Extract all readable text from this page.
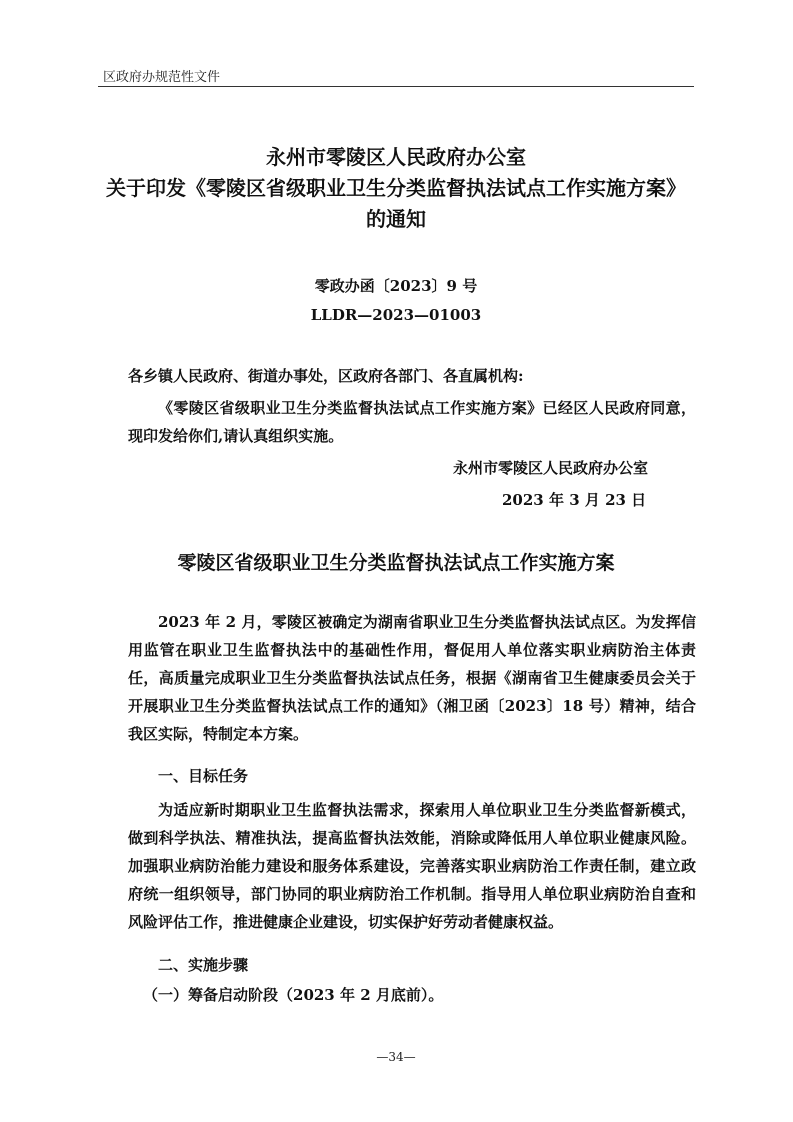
区政府办规范性文件
永州市零陵区人民政府办公室
关于印发《零陵区省级职业卫生分类监督执法试点工作实施方案》
的通知
零政办函〔2023〕9 号
LLDR—2023—01003
各乡镇人民政府、街道办事处，区政府各部门、各直属机构:
《零陵区省级职业卫生分类监督执法试点工作实施方案》已经区人民政府同意，现印发给你们,请认真组织实施。
永州市零陵区人民政府办公室
2023 年 3 月 23 日
零陵区省级职业卫生分类监督执法试点工作实施方案
2023 年 2 月，零陵区被确定为湖南省职业卫生分类监督执法试点区。为发挥信用监管在职业卫生监督执法中的基础性作用，督促用人单位落实职业病防治主体责任，高质量完成职业卫生分类监督执法试点任务，根据《湖南省卫生健康委员会关于开展职业卫生分类监督执法试点工作的通知》（湘卫函〔2023〕18 号）精神，结合我区实际，特制定本方案。
一、目标任务
为适应新时期职业卫生监督执法需求，探索用人单位职业卫生分类监督新模式，做到科学执法、精准执法，提高监督执法效能，消除或降低用人单位职业健康风险。加强职业病防治能力建设和服务体系建设，完善落实职业病防治工作责任制，建立政府统一组织领导，部门协同的职业病防治工作机制。指导用人单位职业病防治自查和风险评估工作，推进健康企业建设，切实保护好劳动者健康权益。
二、实施步骤
（一）筹备启动阶段（2023 年 2 月底前）。
—34—
